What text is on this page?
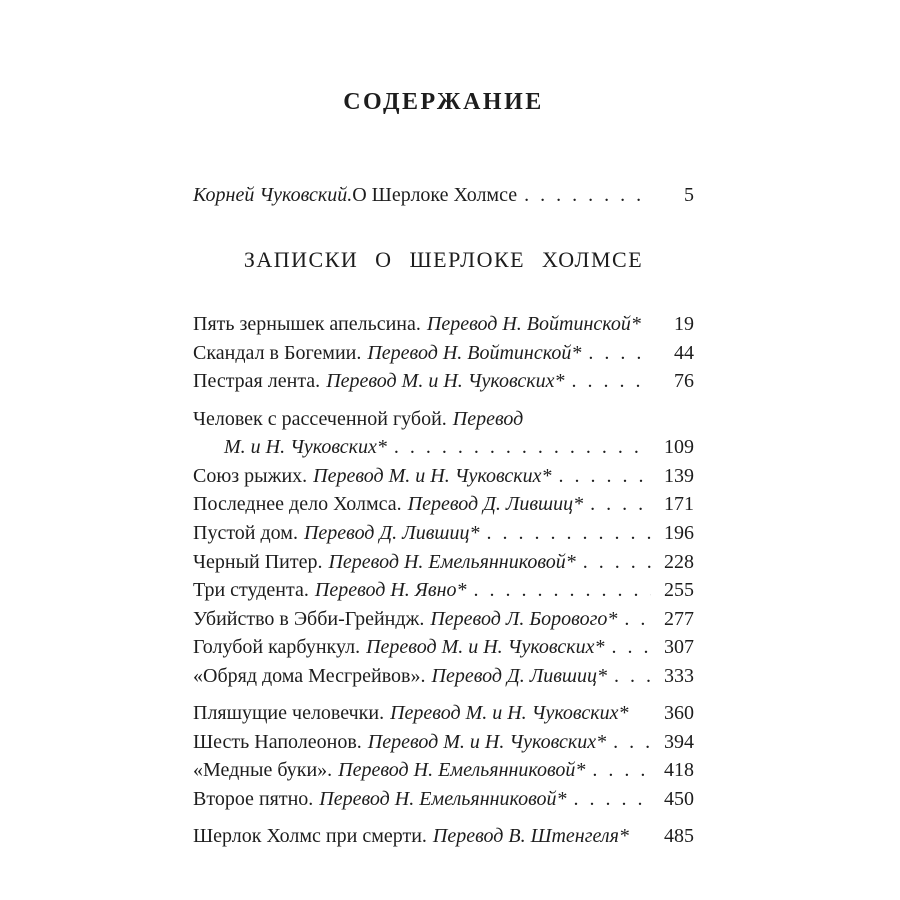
СОДЕРЖАНИЕ
Корней Чуковский. О Шерлоке Холмсе . . .	5
ЗАПИСКИ О ШЕРЛОКЕ ХОЛМСЕ
Пять зернышек апельсина. Перевод Н. Войтинской*	19
Скандал в Богемии. Перевод Н. Войтинской* . . .	44
Пестрая лента. Перевод М. и Н. Чуковских* . . .	76
Человек с рассеченной губой. Перевод
М. и Н. Чуковских* . . .	109
Союз рыжих. Перевод М. и Н. Чуковских* . . .	139
Последнее дело Холмса. Перевод Д. Лившиц* . . .	171
Пустой дом. Перевод Д. Лившиц* . . .	196
Черный Питер. Перевод Н. Емельянниковой* . . .	228
Три студента. Перевод Н. Явно* . . .	255
Убийство в Эбби-Грейндж. Перевод Л. Борового* . . . 277
Голубой карбункул. Перевод М. и Н. Чуковских* . . .	307
«Обряд дома Месгрейвов». Перевод Д. Лившиц* . . .	333
Пляшущие человечки. Перевод М. и Н. Чуковских* 360
Шесть Наполеонов. Перевод М. и Н. Чуковских* . . .	394
«Медные буки». Перевод Н. Емельянниковой* . . .	418
Второе пятно. Перевод Н. Емельянниковой* . . .	450
Шерлок Холмс при смерти. Перевод В. Штенгеля* 485
